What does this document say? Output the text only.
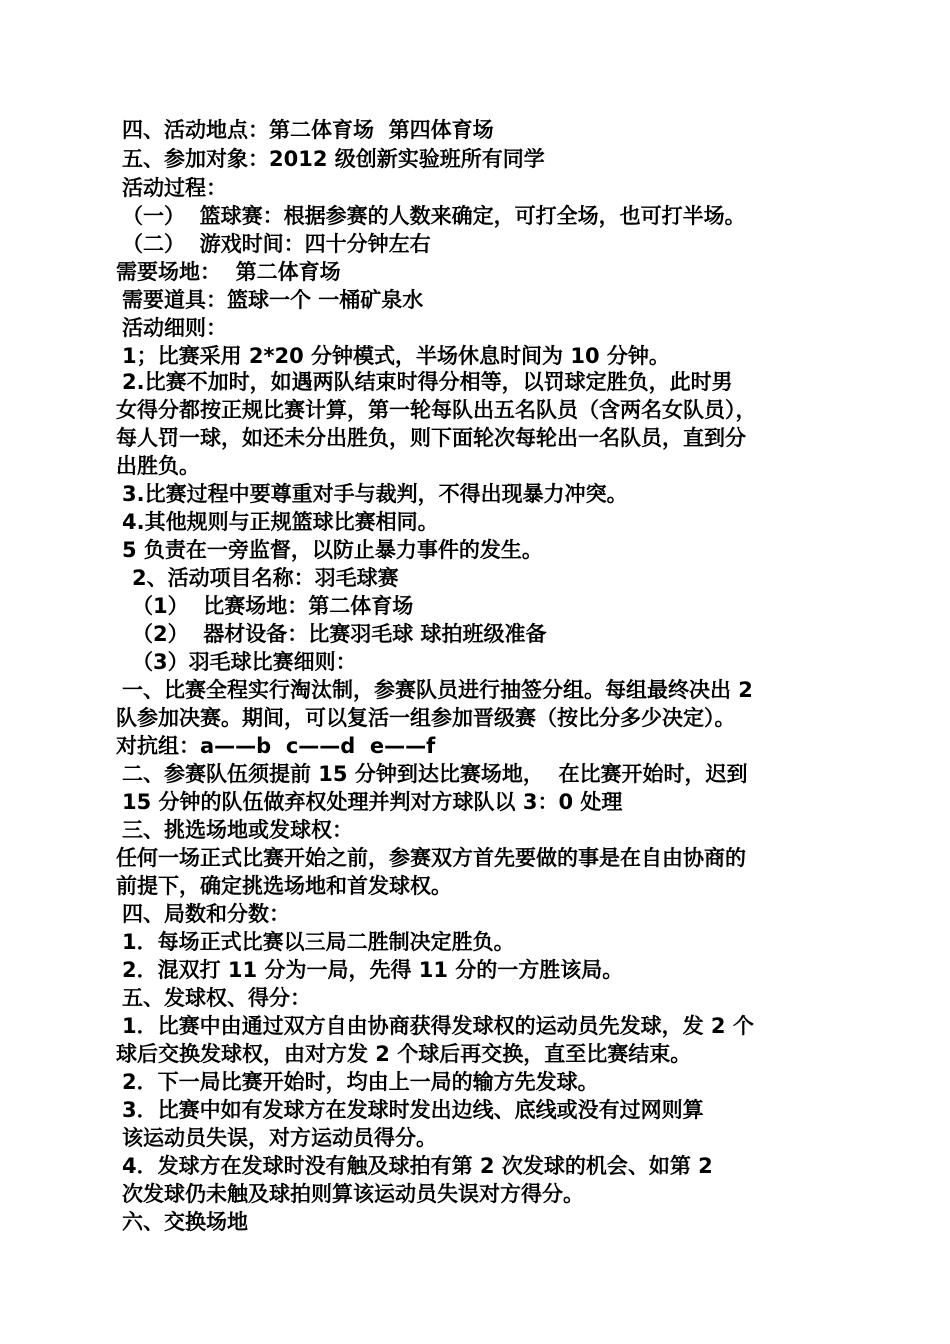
四、活动地点：第二体育场  第四体育场
五、参加对象：2012 级创新实验班所有同学
活动过程：
（一）  篮球赛：根据参赛的人数来确定，可打全场，也可打半场。
（二）  游戏时间：四十分钟左右
需要场地：  第二体育场
需要道具：篮球一个 一桶矿泉水
活动细则：
1；比赛采用 2*20 分钟模式，半场休息时间为 10 分钟。
2.比赛不加时，如遇两队结束时得分相等，以罚球定胜负，此时男
女得分都按正规比赛计算，第一轮每队出五名队员（含两名女队员），
每人罚一球，如还未分出胜负，则下面轮次每轮出一名队员，直到分
出胜负。
3.比赛过程中要尊重对手与裁判，不得出现暴力冲突。
4.其他规则与正规篮球比赛相同。
5 负责在一旁监督，以防止暴力事件的发生。
2、活动项目名称：羽毛球赛
（1）  比赛场地：第二体育场
（2）  器材设备：比赛羽毛球 球拍班级准备
（3）羽毛球比赛细则：
一、比赛全程实行淘汰制，参赛队员进行抽签分组。每组最终决出 2
队参加决赛。期间，可以复活一组参加晋级赛（按比分多少决定）。
对抗组：a——b  c——d  e——f
二、参赛队伍须提前 15 分钟到达比赛场地，  在比赛开始时，迟到
15 分钟的队伍做弃权处理并判对方球队以 3：0 处理
三、挑选场地或发球权：
任何一场正式比赛开始之前，参赛双方首先要做的事是在自由协商的
前提下，确定挑选场地和首发球权。
四、局数和分数：
1．每场正式比赛以三局二胜制决定胜负。
2．混双打 11 分为一局，先得 11 分的一方胜该局。
五、发球权、得分：
1．比赛中由通过双方自由协商获得发球权的运动员先发球，发 2 个
球后交换发球权，由对方发 2 个球后再交换，直至比赛结束。
2．下一局比赛开始时，均由上一局的输方先发球。
3．比赛中如有发球方在发球时发出边线、底线或没有过网则算
该运动员失误，对方运动员得分。
4．发球方在发球时没有触及球拍有第 2 次发球的机会、如第 2
次发球仍未触及球拍则算该运动员失误对方得分。
六、交换场地
